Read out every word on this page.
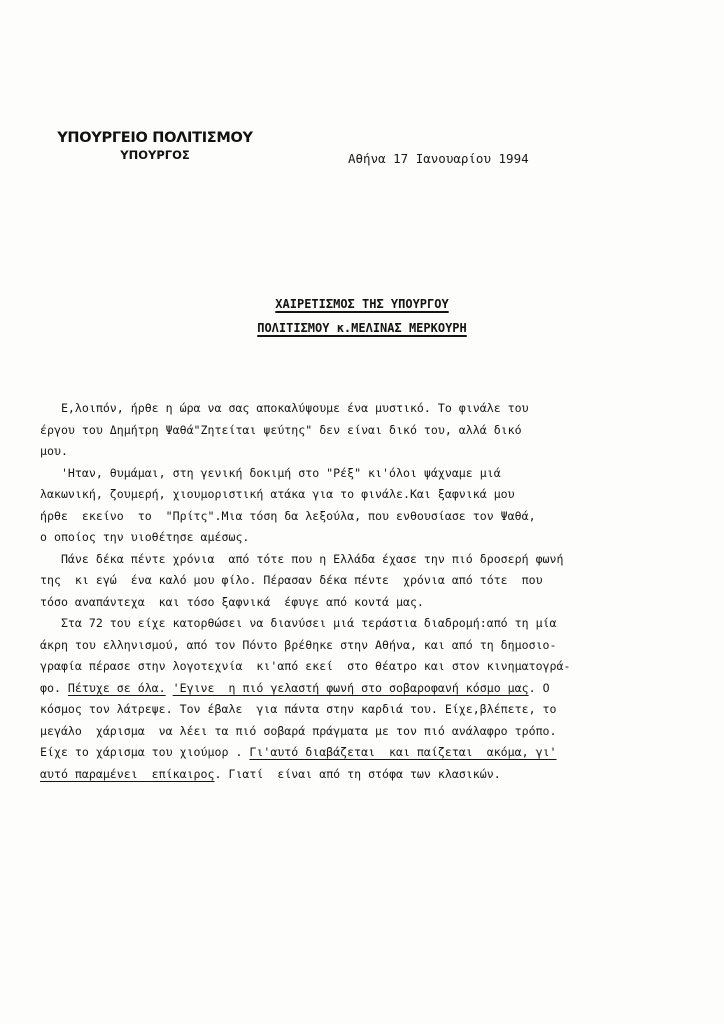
ΥΠΟΥΡΓΕΙΟ ΠΟΛΙΤΙΣΜΟΥ
ΥΠΟΥΡΓΟΣ	Αθήνα 17 Ιανουαρίου 1994
ΧΑΙΡΕΤΙΣΜΟΣ ΤΗΣ ΥΠΟΥΡΓΟΥ
ΠΟΛΙΤΙΣΜΟΥ κ.ΜΕΛΙΝΑΣ ΜΕΡΚΟΥΡΗ
Ε,λοιπόν, ήρθε η ώρα να σας αποκαλύψουμε ένα μυστικό. Το φινάλε του
έργου του Δημήτρη Ψαθά"Ζητείται ψεύτης" δεν είναι δικό του, αλλά δικό
μου.
'Ηταν, θυμάμαι, στη γενική δοκιμή στο "Ρέξ" κι'όλοι ψάχναμε μιά
λακωνική, ζουμερή, χιουμοριστική ατάκα για το φινάλε.Και ξαφνικά μου
ήρθε  εκείνο  το  "Πρίτς".Μια τόση δα λεξούλα, που ενθουσίασε τον Ψαθά,
ο οποίος την υιοθέτησε αμέσως.
Πάνε δέκα πέντε χρόνια  από τότε που η Ελλάδα έχασε την πιό δροσερή φωνή
της  κι εγώ  ένα καλό μου φίλο. Πέρασαν δέκα πέντε  χρόνια από τότε  που
τόσο αναπάντεχα  και τόσο ξαφνικά  έφυγε από κοντά μας.
Στα 72 του είχε κατορθώσει να διανύσει μιά τεράστια διαδρομή:από τη μία
άκρη του ελληνισμού, από τον Πόντο βρέθηκε στην Αθήνα, και από τη δημοσιο-
γραφία πέρασε στην λογοτεχνία  κι'από εκεί  στο θέατρο και στον κινηματογρά-
φο. Πέτυχε σε όλα. 'Εγινε  η πιό γελαστή φωνή στο σοβαροφανή κόσμο μας. Ο
κόσμος τον λάτρεψε. Τον έβαλε  για πάντα στην καρδιά του. Είχε,βλέπετε, το
μεγάλο  χάρισμα  να λέει τα πιό σοβαρά πράγματα με τον πιό ανάλαφρο τρόπο.
Είχε το χάρισμα του χιούμορ . Γι'αυτό διαβάζεται  και παίζεται  ακόμα, γι'
αυτό παραμένει  επίκαιρος. Γιατί  είναι από τη στόφα των κλασικών.
